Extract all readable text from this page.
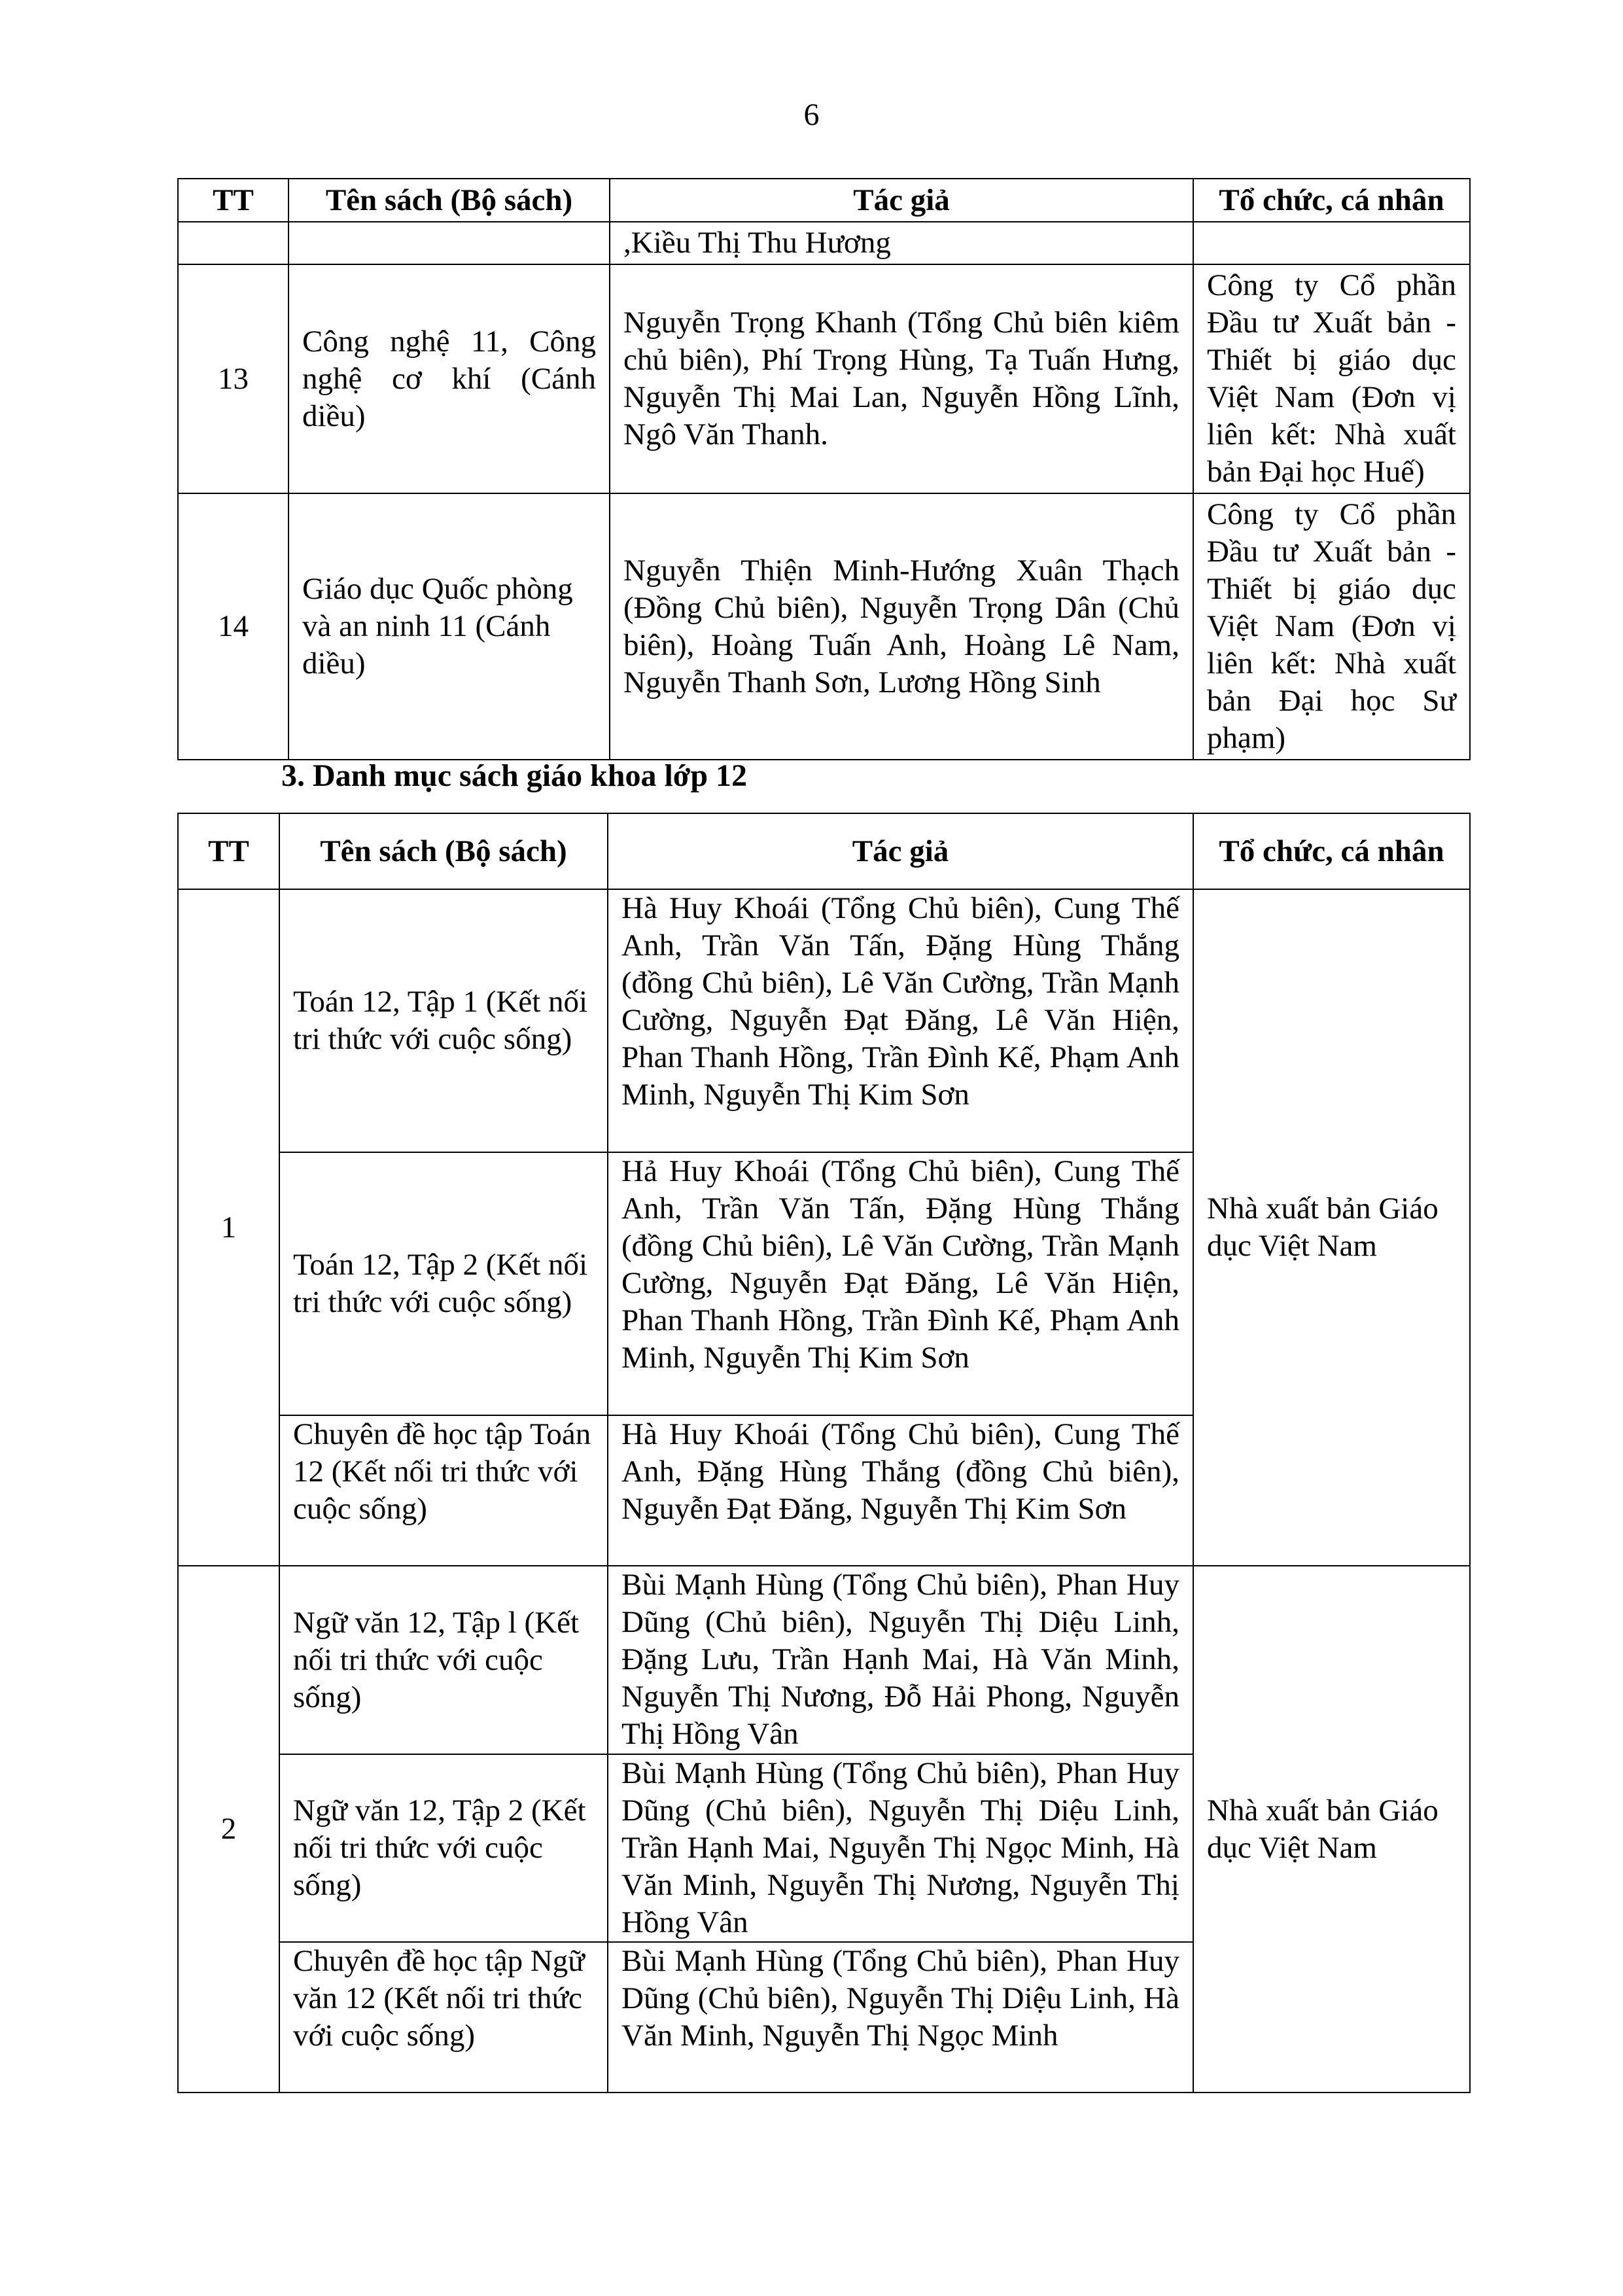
6
TT	Tên sách (Bộ sách)	Tác giả	Tổ chức, cá nhân
		,Kiều Thị Thu Hương	
13	Công nghệ 11, Công nghệ cơ khí (Cánh diều)	Nguyễn Trọng Khanh (Tổng Chủ biên kiêm chủ biên), Phí Trọng Hùng, Tạ Tuấn Hưng, Nguyễn Thị Mai Lan, Nguyễn Hồng Lĩnh, Ngô Văn Thanh.	Công ty Cổ phần Đầu tư Xuất bản - Thiết bị giáo dục Việt Nam (Đơn vị liên kết: Nhà xuất bản Đại học Huế)
14	Giáo dục Quốc phòng và an ninh 11 (Cánh diều)	Nguyễn Thiện Minh-Hướng Xuân Thạch (Đồng Chủ biên), Nguyễn Trọng Dân (Chủ biên), Hoàng Tuấn Anh, Hoàng Lê Nam, Nguyễn Thanh Sơn, Lương Hồng Sinh	Công ty Cổ phần Đầu tư Xuất bản - Thiết bị giáo dục Việt Nam (Đơn vị liên kết: Nhà xuất bản Đại học Sư phạm)
3. Danh mục sách giáo khoa lớp 12
TT	Tên sách (Bộ sách)	Tác giả	Tổ chức, cá nhân
1	Toán 12, Tập 1 (Kết nối tri thức với cuộc sống)	Hà Huy Khoái (Tổng Chủ biên), Cung Thế Anh, Trần Văn Tấn, Đặng Hùng Thắng (đồng Chủ biên), Lê Văn Cường, Trần Mạnh Cường, Nguyễn Đạt Đăng, Lê Văn Hiện, Phan Thanh Hồng, Trần Đình Kế, Phạm Anh Minh, Nguyễn Thị Kim Sơn	Nhà xuất bản Giáo dục Việt Nam
	Toán 12, Tập 2 (Kết nối tri thức với cuộc sống)	Hả Huy Khoái (Tổng Chủ biên), Cung Thế Anh, Trần Văn Tấn, Đặng Hùng Thắng (đồng Chủ biên), Lê Văn Cường, Trần Mạnh Cường, Nguyễn Đạt Đăng, Lê Văn Hiện, Phan Thanh Hồng, Trần Đình Kế, Phạm Anh Minh, Nguyễn Thị Kim Sơn	
	Chuyên đề học tập Toán 12 (Kết nối tri thức với cuộc sống)	Hà Huy Khoái (Tổng Chủ biên), Cung Thế Anh, Đặng Hùng Thắng (đồng Chủ biên), Nguyễn Đạt Đăng, Nguyễn Thị Kim Sơn	
2	Ngữ văn 12, Tập l (Kết nối tri thức với cuộc sống)	Bùi Mạnh Hùng (Tổng Chủ biên), Phan Huy Dũng (Chủ biên), Nguyễn Thị Diệu Linh, Đặng Lưu, Trần Hạnh Mai, Hà Văn Minh, Nguyễn Thị Nương, Đỗ Hải Phong, Nguyễn Thị Hồng Vân	Nhà xuất bản Giáo dục Việt Nam
	Ngữ văn 12, Tập 2 (Kết nối tri thức với cuộc sống)	Bùi Mạnh Hùng (Tổng Chủ biên), Phan Huy Dũng (Chủ biên), Nguyễn Thị Diệu Linh, Trần Hạnh Mai, Nguyễn Thị Ngọc Minh, Hà Văn Minh, Nguyễn Thị Nương, Nguyễn Thị Hồng Vân	
	Chuyên đề học tập Ngữ văn 12 (Kết nối tri thức với cuộc sống)	Bùi Mạnh Hùng (Tổng Chủ biên), Phan Huy Dũng (Chủ biên), Nguyễn Thị Diệu Linh, Hà Văn Minh, Nguyễn Thị Ngọc Minh	
